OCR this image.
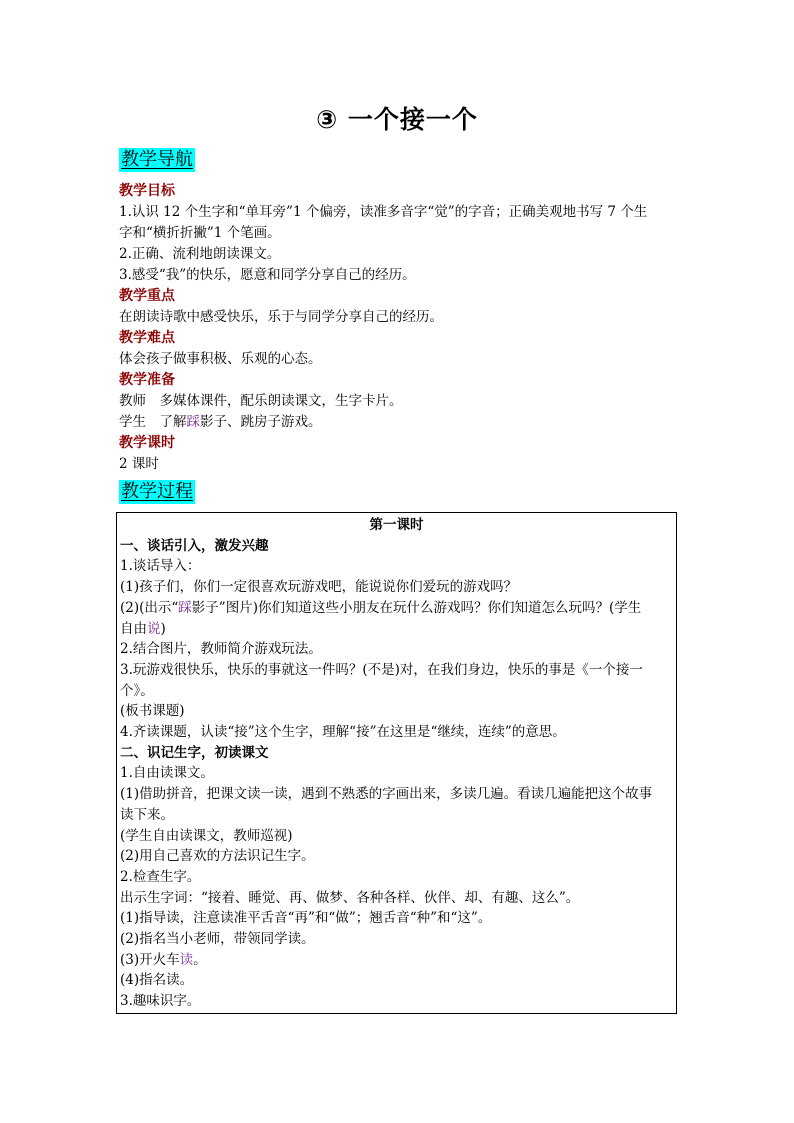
③ 一个接一个
教学导航
教学目标
1.认识 12 个生字和“单耳旁”1 个偏旁，读准多音字“觉”的字音；正确美观地书写 7 个生
字和“横折折撇”1 个笔画。
2.正确、流利地朗读课文。
3.感受“我”的快乐，愿意和同学分享自己的经历。
教学重点
在朗读诗歌中感受快乐，乐于与同学分享自己的经历。
教学难点
体会孩子做事积极、乐观的心态。
教学准备
教师　多媒体课件，配乐朗读课文，生字卡片。
学生　了解踩影子、跳房子游戏。
教学课时
2 课时
教学过程
第一课时
一、谈话引入，激发兴趣
1.谈话导入：
(1)孩子们，你们一定很喜欢玩游戏吧，能说说你们爱玩的游戏吗？
(2)(出示“踩影子”图片)你们知道这些小朋友在玩什么游戏吗？你们知道怎么玩吗？(学生
自由说)
2.结合图片，教师简介游戏玩法。
3.玩游戏很快乐，快乐的事就这一件吗？(不是)对，在我们身边，快乐的事是《一个接一
个》。
(板书课题)
4.齐读课题，认读“接”这个生字，理解“接”在这里是“继续，连续”的意思。
二、识记生字，初读课文
1.自由读课文。
(1)借助拼音，把课文读一读，遇到不熟悉的字画出来，多读几遍。看读几遍能把这个故事
读下来。
(学生自由读课文，教师巡视)
(2)用自己喜欢的方法识记生字。
2.检查生字。
出示生字词：“接着、睡觉、再、做梦、各种各样、伙伴、却、有趣、这么”。
(1)指导读，注意读准平舌音“再”和“做”；翘舌音“种”和“这”。
(2)指名当小老师，带领同学读。
(3)开火车读。
(4)指名读。
3.趣味识字。
